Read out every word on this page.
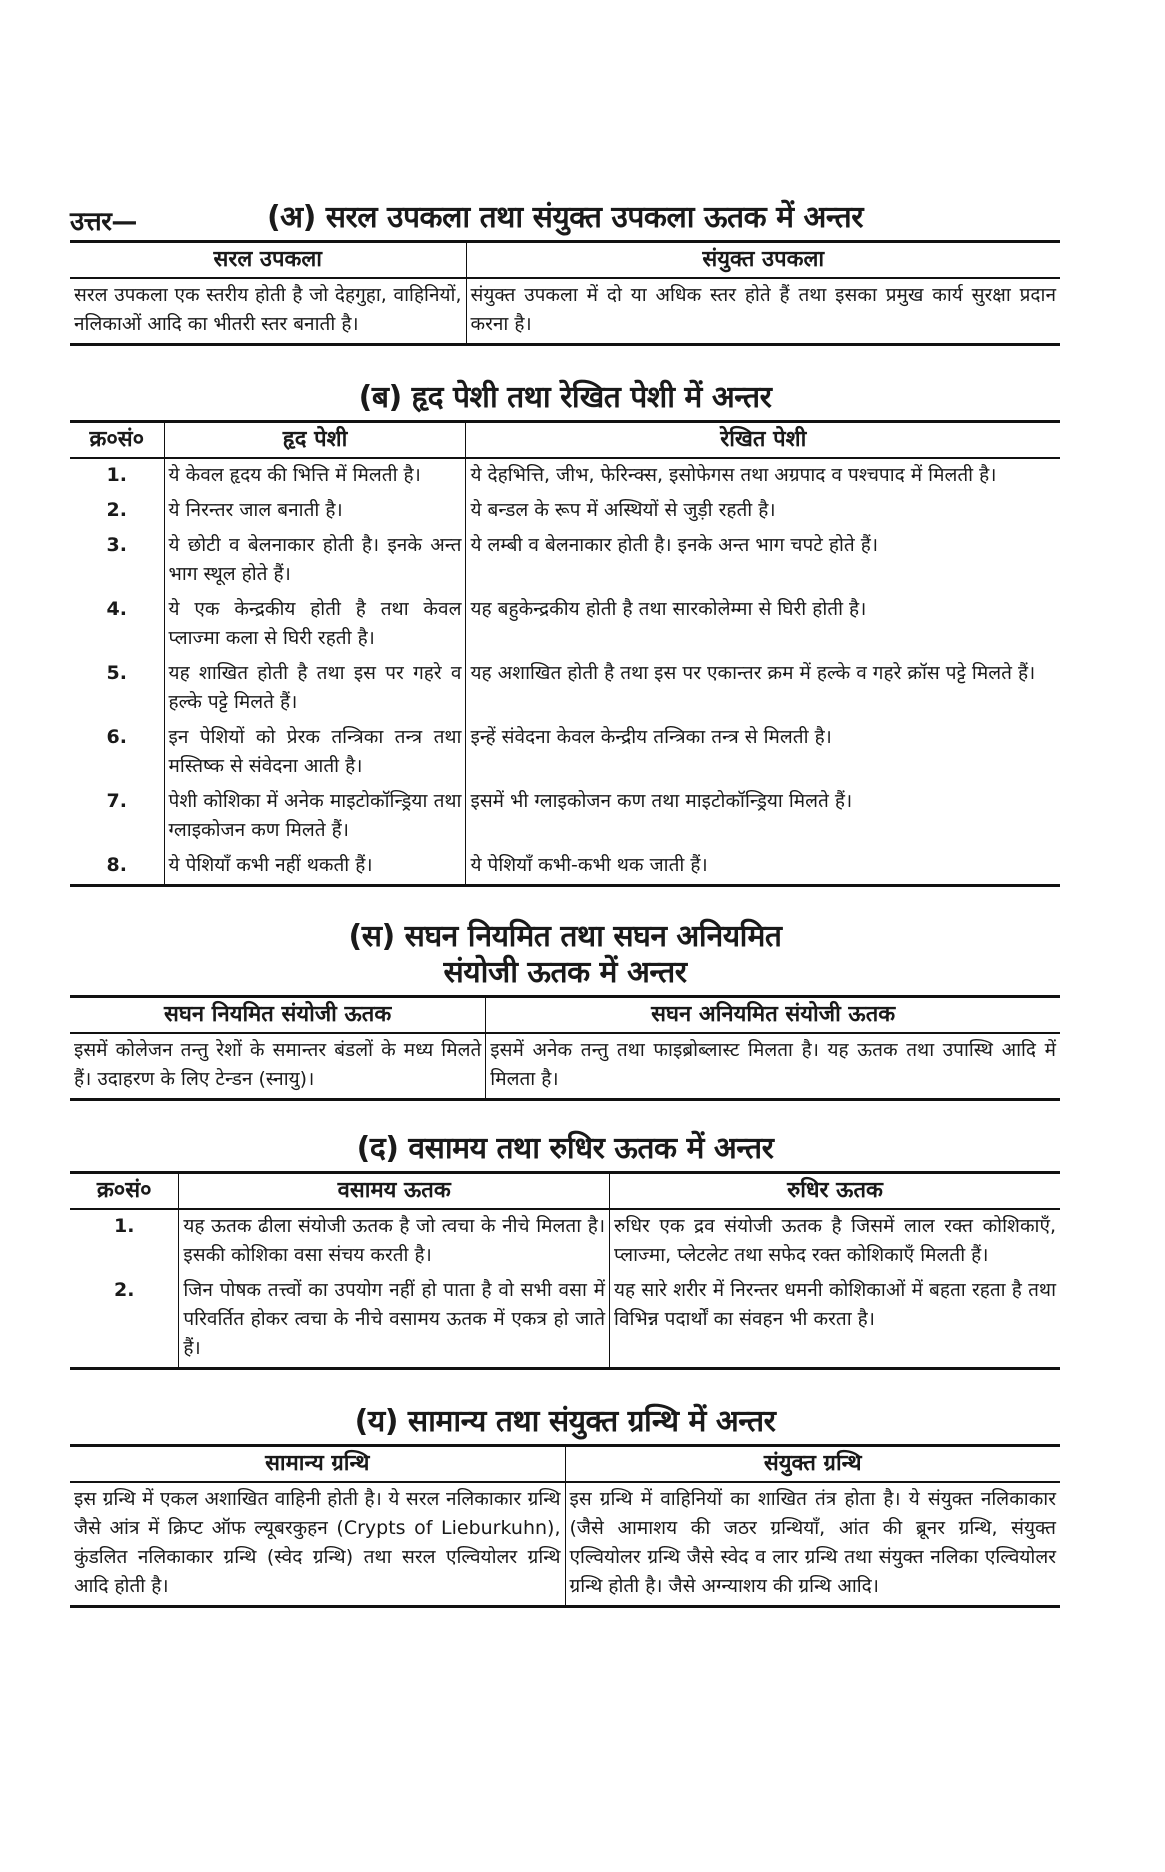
उत्तर—	(अ) सरल उपकला तथा संयुक्त उपकला ऊतक में अन्तर
सरल उपकला	संयुक्त उपकला
सरल उपकला एक स्तरीय होती है जो देहगुहा, वाहिनियों, नलिकाओं आदि का भीतरी स्तर बनाती है।	संयुक्त उपकला में दो या अधिक स्तर होते हैं तथा इसका प्रमुख कार्य सुरक्षा प्रदान करना है।
(ब) हृद पेशी तथा रेखित पेशी में अन्तर
क्र०सं०	हृद पेशी	रेखित पेशी
1.	ये केवल हृदय की भित्ति में मिलती है।	ये देहभित्ति, जीभ, फेरिन्क्स, इसोफेगस तथा अग्रपाद व पश्चपाद में मिलती है।
2.	ये निरन्तर जाल बनाती है।	ये बन्डल के रूप में अस्थियों से जुड़ी रहती है।
3.	ये छोटी व बेलनाकार होती है। इनके अन्त भाग स्थूल होते हैं।	ये लम्बी व बेलनाकार होती है। इनके अन्त भाग चपटे होते हैं।
4.	ये एक केन्द्रकीय होती है तथा केवल प्लाज्मा कला से घिरी रहती है।	यह बहुकेन्द्रकीय होती है तथा सारकोलेम्मा से घिरी होती है।
5.	यह शाखित होती है तथा इस पर गहरे व हल्के पट्टे मिलते हैं।	यह अशाखित होती है तथा इस पर एकान्तर क्रम में हल्के व गहरे क्रॉस पट्टे मिलते हैं।
6.	इन पेशियों को प्रेरक तन्त्रिका तन्त्र तथा मस्तिष्क से संवेदना आती है।	इन्हें संवेदना केवल केन्द्रीय तन्त्रिका तन्त्र से मिलती है।
7.	पेशी कोशिका में अनेक माइटोकॉन्ड्रिया तथा ग्लाइकोजन कण मिलते हैं।	इसमें भी ग्लाइकोजन कण तथा माइटोकॉन्ड्रिया मिलते हैं।
8.	ये पेशियाँ कभी नहीं थकती हैं।	ये पेशियाँ कभी-कभी थक जाती हैं।
(स) सघन नियमित तथा सघन अनियमित
संयोजी ऊतक में अन्तर
सघन नियमित संयोजी ऊतक	सघन अनियमित संयोजी ऊतक
इसमें कोलेजन तन्तु रेशों के समान्तर बंडलों के मध्य मिलते हैं। उदाहरण के लिए टेन्डन (स्नायु)।	इसमें अनेक तन्तु तथा फाइब्रोब्लास्ट मिलता है। यह ऊतक तथा उपास्थि आदि में मिलता है।
(द) वसामय तथा रुधिर ऊतक में अन्तर
क्र०सं०	वसामय ऊतक	रुधिर ऊतक
1.	यह ऊतक ढीला संयोजी ऊतक है जो त्वचा के नीचे मिलता है। इसकी कोशिका वसा संचय करती है।	रुधिर एक द्रव संयोजी ऊतक है जिसमें लाल रक्त कोशिकाएँ, प्लाज्मा, प्लेटलेट तथा सफेद रक्त कोशिकाएँ मिलती हैं।
2.	जिन पोषक तत्त्वों का उपयोग नहीं हो पाता है वो सभी वसा में परिवर्तित होकर त्वचा के नीचे वसामय ऊतक में एकत्र हो जाते हैं।	यह सारे शरीर में निरन्तर धमनी कोशिकाओं में बहता रहता है तथा विभिन्न पदार्थों का संवहन भी करता है।
(य) सामान्य तथा संयुक्त ग्रन्थि में अन्तर
सामान्य ग्रन्थि	संयुक्त ग्रन्थि
इस ग्रन्थि में एकल अशाखित वाहिनी होती है। ये सरल नलिकाकार ग्रन्थि जैसे आंत्र में क्रिप्ट ऑफ ल्यूबरकुहन (Crypts of Lieburkuhn), कुंडलित नलिकाकार ग्रन्थि (स्वेद ग्रन्थि) तथा सरल एल्वियोलर ग्रन्थि आदि होती है।	इस ग्रन्थि में वाहिनियों का शाखित तंत्र होता है। ये संयुक्त नलिकाकार (जैसे आमाशय की जठर ग्रन्थियाँ, आंत की ब्रूनर ग्रन्थि, संयुक्त एल्वियोलर ग्रन्थि जैसे स्वेद व लार ग्रन्थि तथा संयुक्त नलिका एल्वियोलर ग्रन्थि होती है। जैसे अग्न्याशय की ग्रन्थि आदि।
